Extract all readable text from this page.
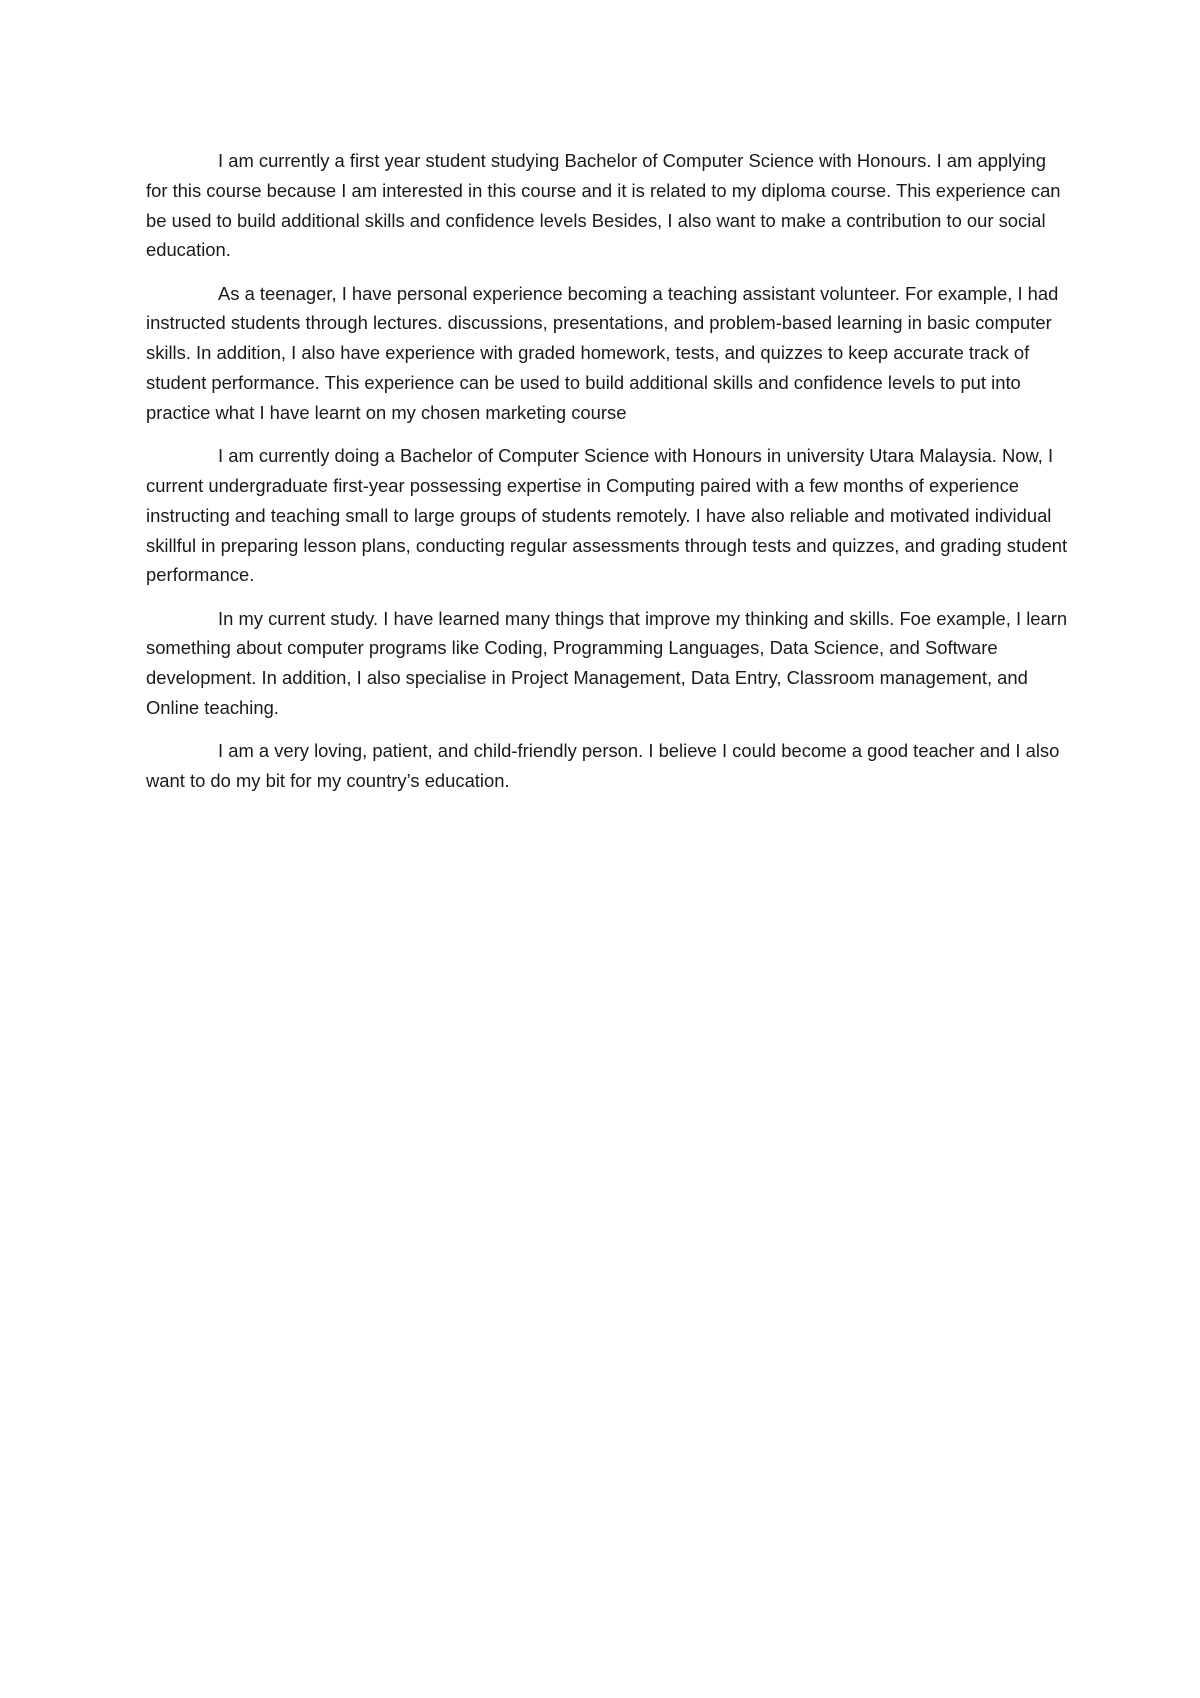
I am currently a first year student studying Bachelor of Computer Science with Honours. I am applying for this course because I am interested in this course and it is related to my diploma course. This experience can be used to build additional skills and confidence levels Besides, I also want to make a contribution to our social education.

As a teenager, I have personal experience becoming a teaching assistant volunteer. For example, I had instructed students through lectures. discussions, presentations, and problem-based learning in basic computer skills. In addition, I also have experience with graded homework, tests, and quizzes to keep accurate track of student performance. This experience can be used to build additional skills and confidence levels to put into practice what I have learnt on my chosen marketing course

I am currently doing a Bachelor of Computer Science with Honours in university Utara Malaysia. Now, I current undergraduate first-year possessing expertise in Computing paired with a few months of experience instructing and teaching small to large groups of students remotely. I have also reliable and motivated individual skillful in preparing lesson plans, conducting regular assessments through tests and quizzes, and grading student performance.

In my current study. I have learned many things that improve my thinking and skills. Foe example, I learn something about computer programs like Coding, Programming Languages, Data Science, and Software development. In addition, I also specialise in Project Management, Data Entry, Classroom management, and Online teaching.

I am a very loving, patient, and child-friendly person. I believe I could become a good teacher and I also want to do my bit for my country’s education.
